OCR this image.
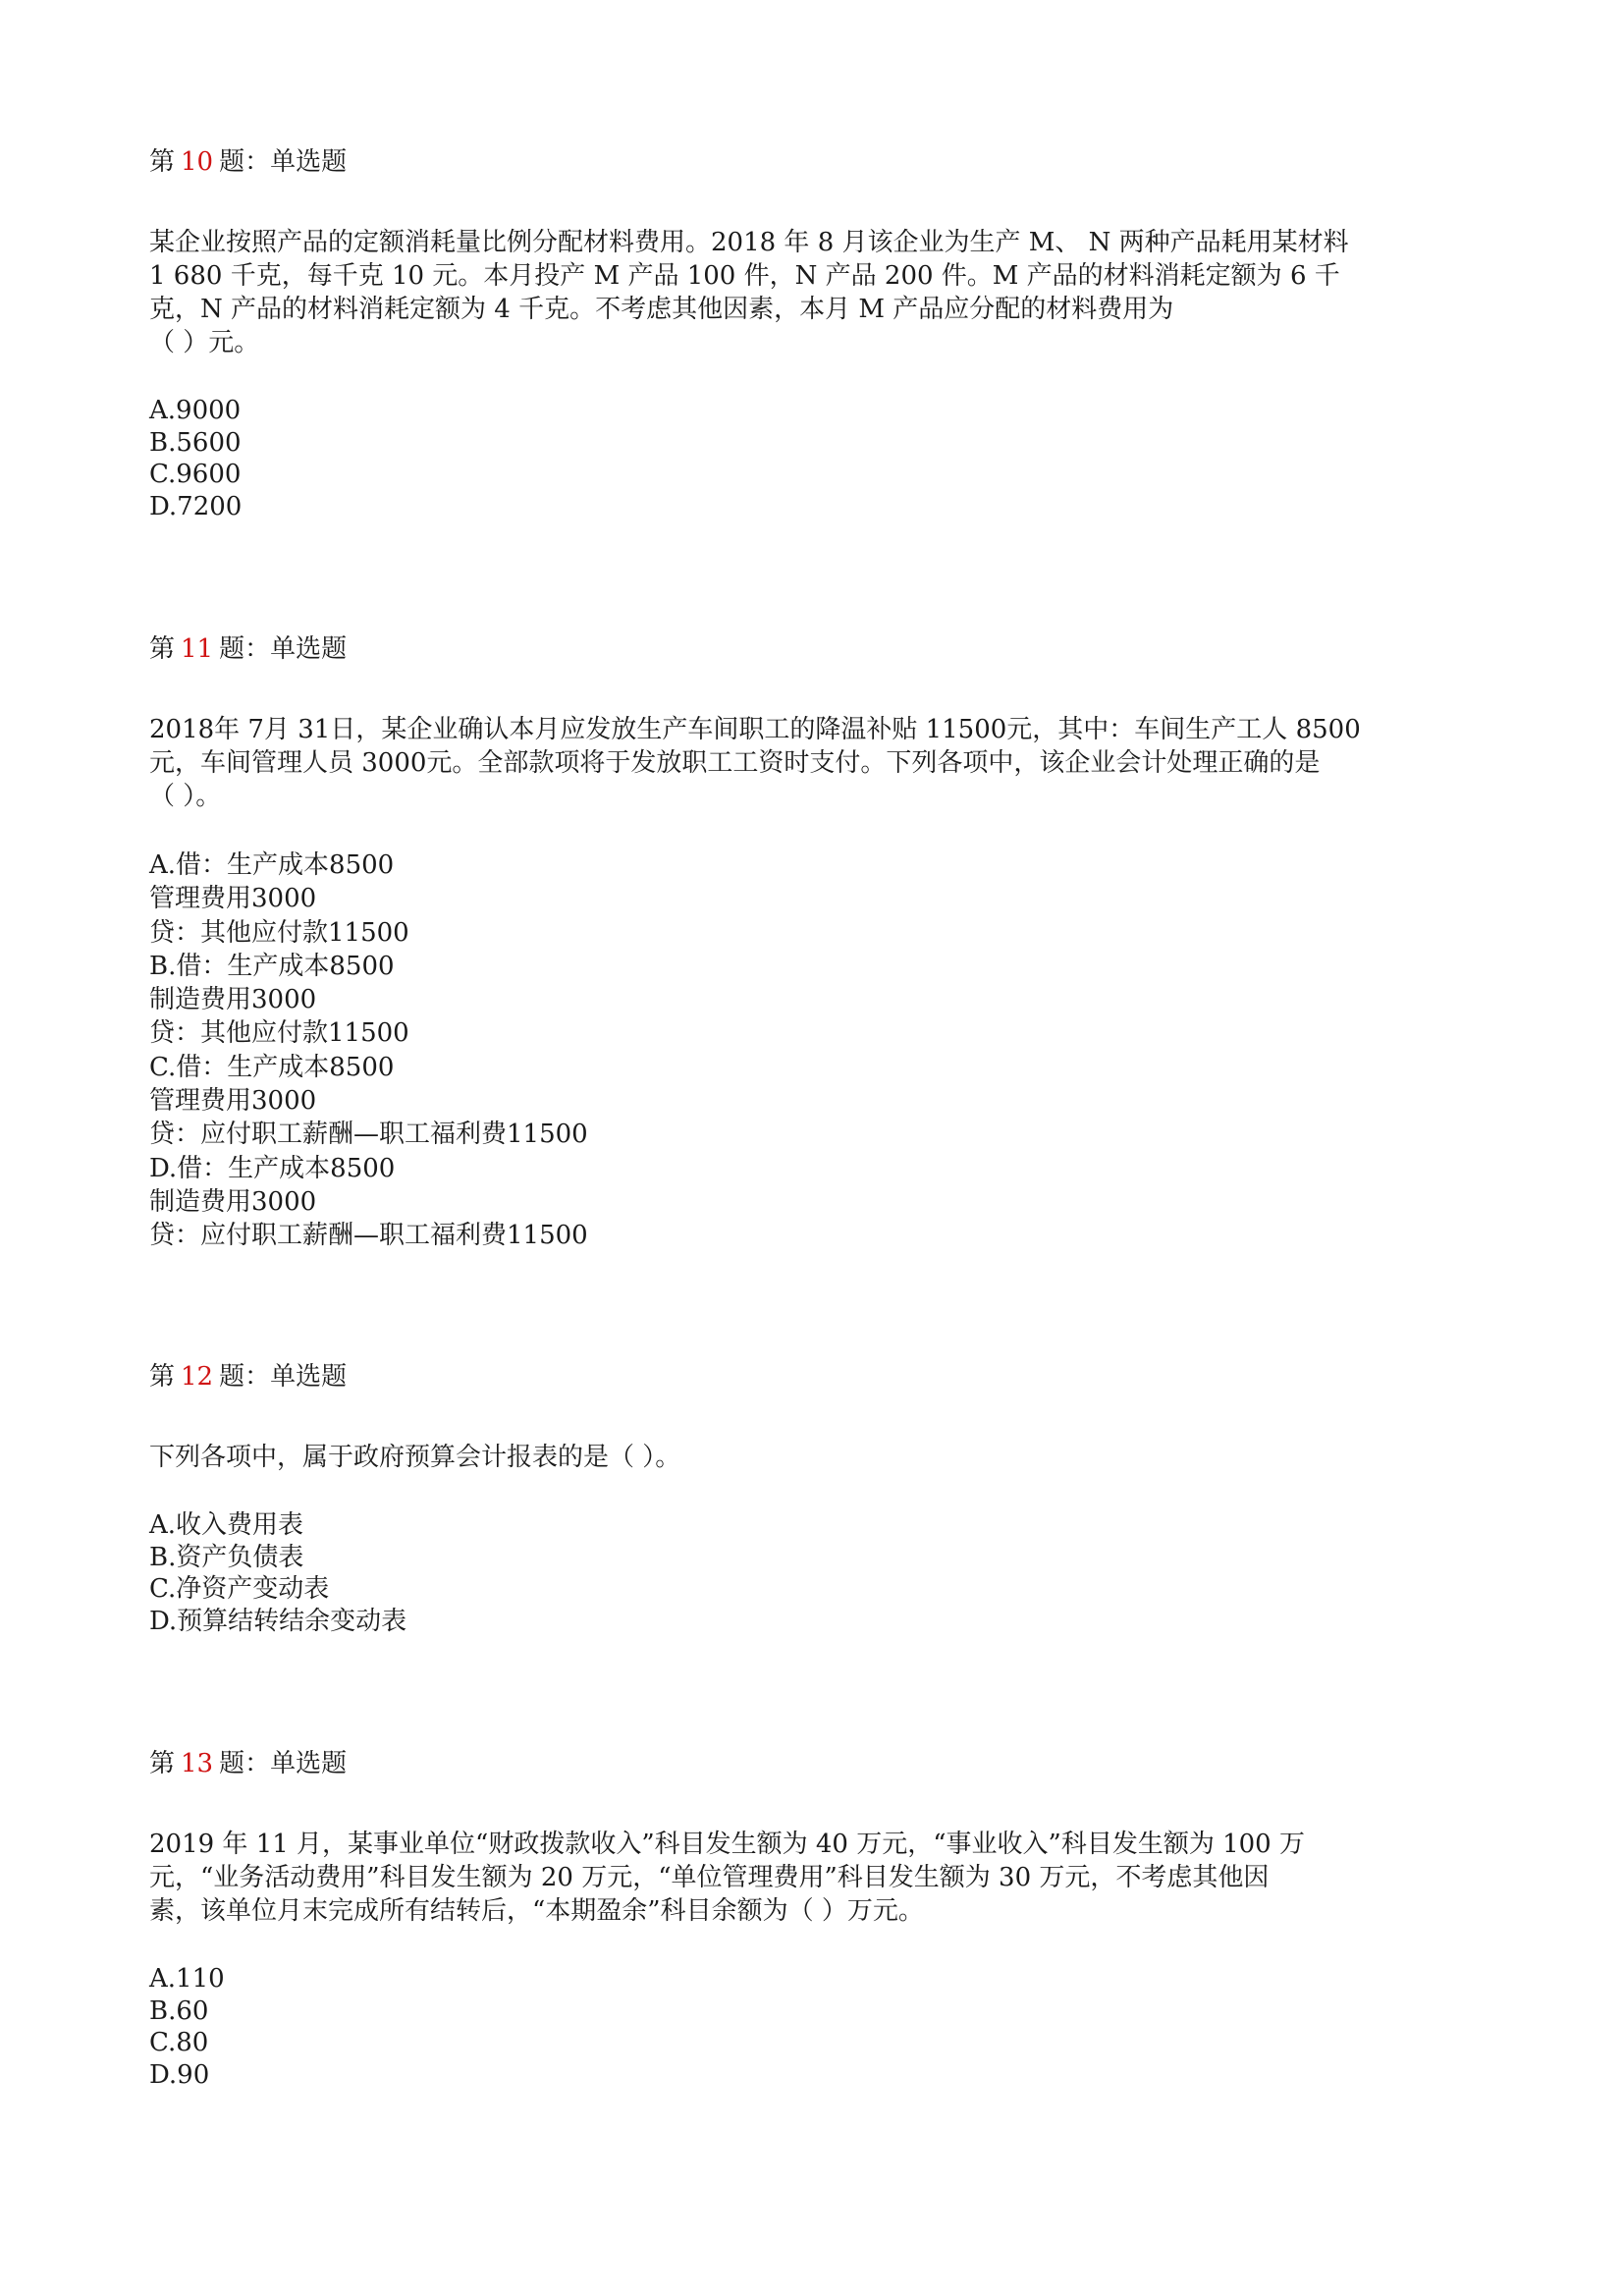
第 10 题：单选题
某企业按照产品的定额消耗量比例分配材料费用。2018 年 8 月该企业为生产 M、 N 两种产品耗用某材料
1 680 千克，每千克 10 元。本月投产 M 产品 100 件，N 产品 200 件。M 产品的材料消耗定额为 6 千
克，N 产品的材料消耗定额为 4 千克。不考虑其他因素，本月 M 产品应分配的材料费用为
（ ）元。
A.9000
B.5600
C.9600
D.7200
第 11 题：单选题
2018年 7月 31日，某企业确认本月应发放生产车间职工的降温补贴 11500元，其中：车间生产工人 8500
元，车间管理人员 3000元。全部款项将于发放职工工资时支付。下列各项中，该企业会计处理正确的是
（ ）。
A.借：生产成本8500
管理费用3000
贷：其他应付款11500
B.借：生产成本8500
制造费用3000
贷：其他应付款11500
C.借：生产成本8500
管理费用3000
贷：应付职工薪酬—职工福利费11500
D.借：生产成本8500
制造费用3000
贷：应付职工薪酬—职工福利费11500
第 12 题：单选题
下列各项中，属于政府预算会计报表的是（ ）。
A.收入费用表
B.资产负债表
C.净资产变动表
D.预算结转结余变动表
第 13 题：单选题
2019 年 11 月，某事业单位“财政拨款收入”科目发生额为 40 万元，“事业收入”科目发生额为 100 万
元，“业务活动费用”科目发生额为 20 万元，“单位管理费用”科目发生额为 30 万元，不考虑其他因
素，该单位月末完成所有结转后，“本期盈余”科目余额为（ ）万元。
A.110
B.60
C.80
D.90
